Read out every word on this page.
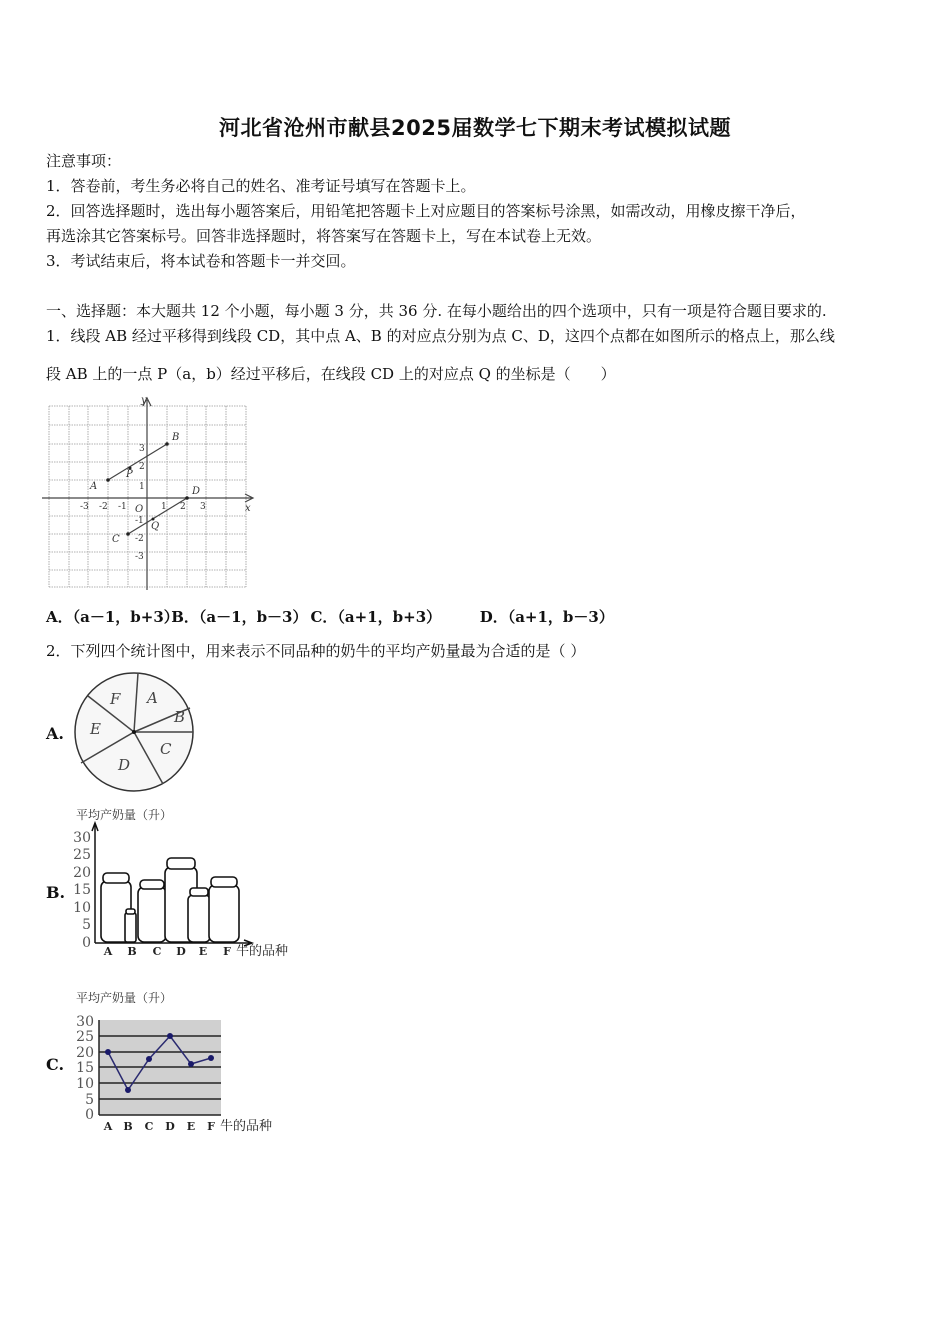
河北省沧州市献县2025届数学七下期末考试模拟试题
注意事项：
1．答卷前，考生务必将自己的姓名、准考证号填写在答题卡上。
2．回答选择题时，选出每小题答案后，用铅笔把答题卡上对应题目的答案标号涂黑，如需改动，用橡皮擦干净后，
再选涂其它答案标号。回答非选择题时，将答案写在答题卡上，写在本试卷上无效。
3．考试结束后，将本试卷和答题卡一并交回。
一、选择题：本大题共 12 个小题，每小题 3 分，共 36 分. 在每小题给出的四个选项中，只有一项是符合题目要求的.
1．线段 AB 经过平移得到线段 CD，其中点 A、B 的对应点分别为点 C、D，这四个点都在如图所示的格点上，那么线
段 AB 上的一点 P（a，b）经过平移后，在线段 CD 上的对应点 Q 的坐标是（　　）
y
x
O
A
B
C
D
P
Q
-3 -2 -1	1 2 3
3
2
1
-1
-2
-3
A．（a－1，b+3） B．（a－1，b－3） C．（a+1，b+3）	D．（a+1，b－3）
2．下列四个统计图中，用来表示不同品种的奶牛的平均产奶量最为合适的是（ ）
A.
A
B
C
D
E
F
B.
平均产奶量（升）
30
25
20
15
10
5
0
A B C D E F 牛的品种
C.
平均产奶量（升）
30
25
20
15
10
5
0
A B C D E F 牛的品种
